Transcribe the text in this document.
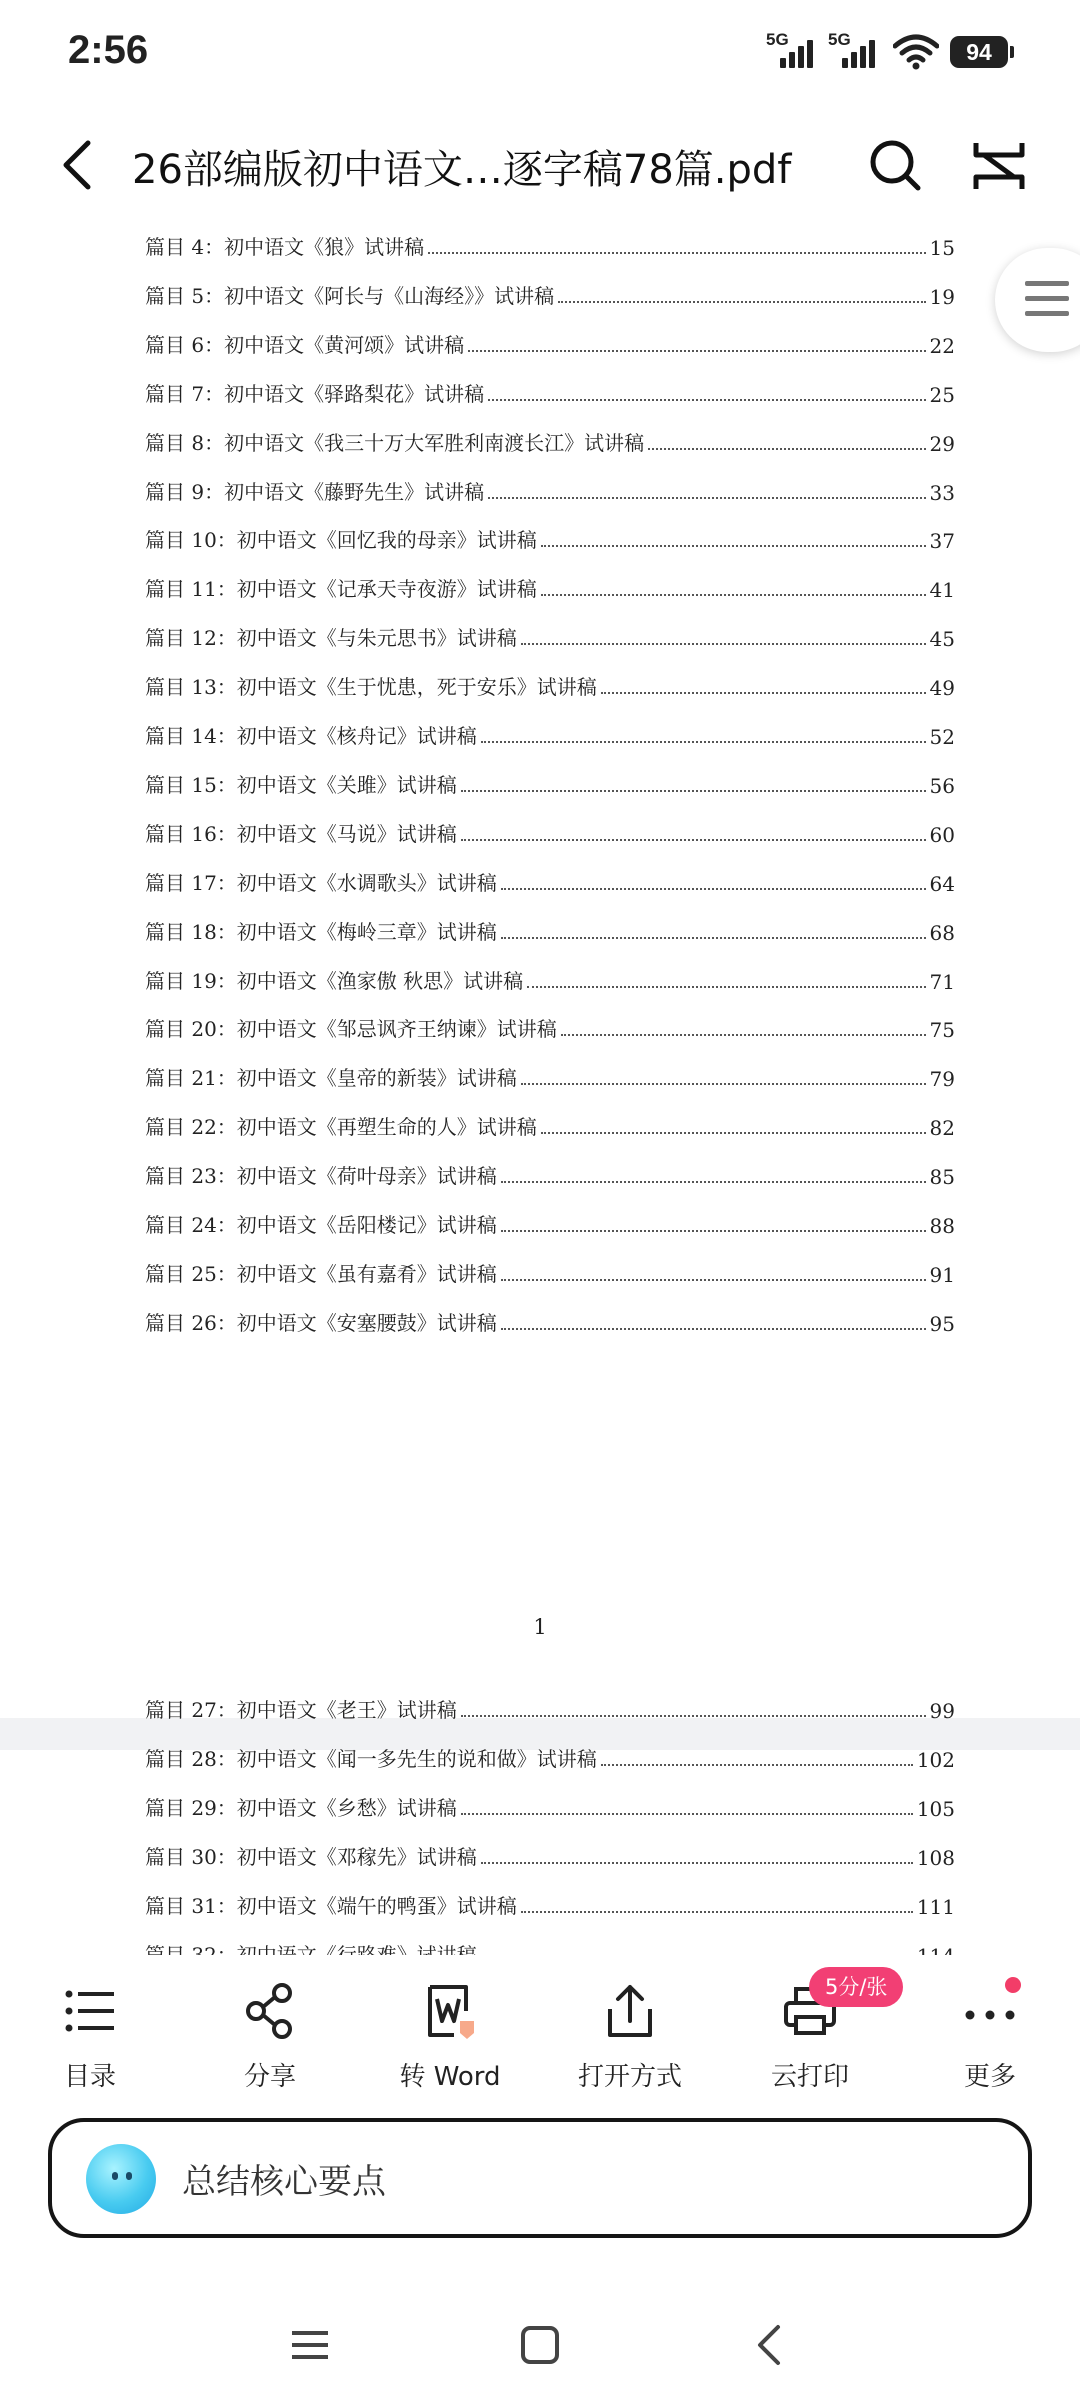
2:56	5G 5G	94
26部编版初中语文…逐字稿78篇.pdf
篇目 4：初中语文《狼》试讲稿	15
篇目 5：初中语文《阿长与《山海经》》试讲稿	19
篇目 6：初中语文《黄河颂》试讲稿	22
篇目 7：初中语文《驿路梨花》试讲稿	25
篇目 8：初中语文《我三十万大军胜利南渡长江》试讲稿	29
篇目 9：初中语文《藤野先生》试讲稿	33
篇目 10：初中语文《回忆我的母亲》试讲稿	37
篇目 11：初中语文《记承天寺夜游》试讲稿	41
篇目 12：初中语文《与朱元思书》试讲稿	45
篇目 13：初中语文《生于忧患，死于安乐》试讲稿	49
篇目 14：初中语文《核舟记》试讲稿	52
篇目 15：初中语文《关雎》试讲稿	56
篇目 16：初中语文《马说》试讲稿	60
篇目 17：初中语文《水调歌头》试讲稿	64
篇目 18：初中语文《梅岭三章》试讲稿	68
篇目 19：初中语文《渔家傲 秋思》试讲稿	71
篇目 20：初中语文《邹忌讽齐王纳谏》试讲稿	75
篇目 21：初中语文《皇帝的新装》试讲稿	79
篇目 22：初中语文《再塑生命的人》试讲稿	82
篇目 23：初中语文《荷叶母亲》试讲稿	85
篇目 24：初中语文《岳阳楼记》试讲稿	88
篇目 25：初中语文《虽有嘉肴》试讲稿	91
篇目 26：初中语文《安塞腰鼓》试讲稿	95
1
篇目 27：初中语文《老王》试讲稿	99
篇目 28：初中语文《闻一多先生的说和做》试讲稿	102
篇目 29：初中语文《乡愁》试讲稿	105
篇目 30：初中语文《邓稼先》试讲稿	108
篇目 31：初中语文《端午的鸭蛋》试讲稿	111
目录	分享	转 Word	打开方式	云打印	更多
5分/张
总结核心要点
